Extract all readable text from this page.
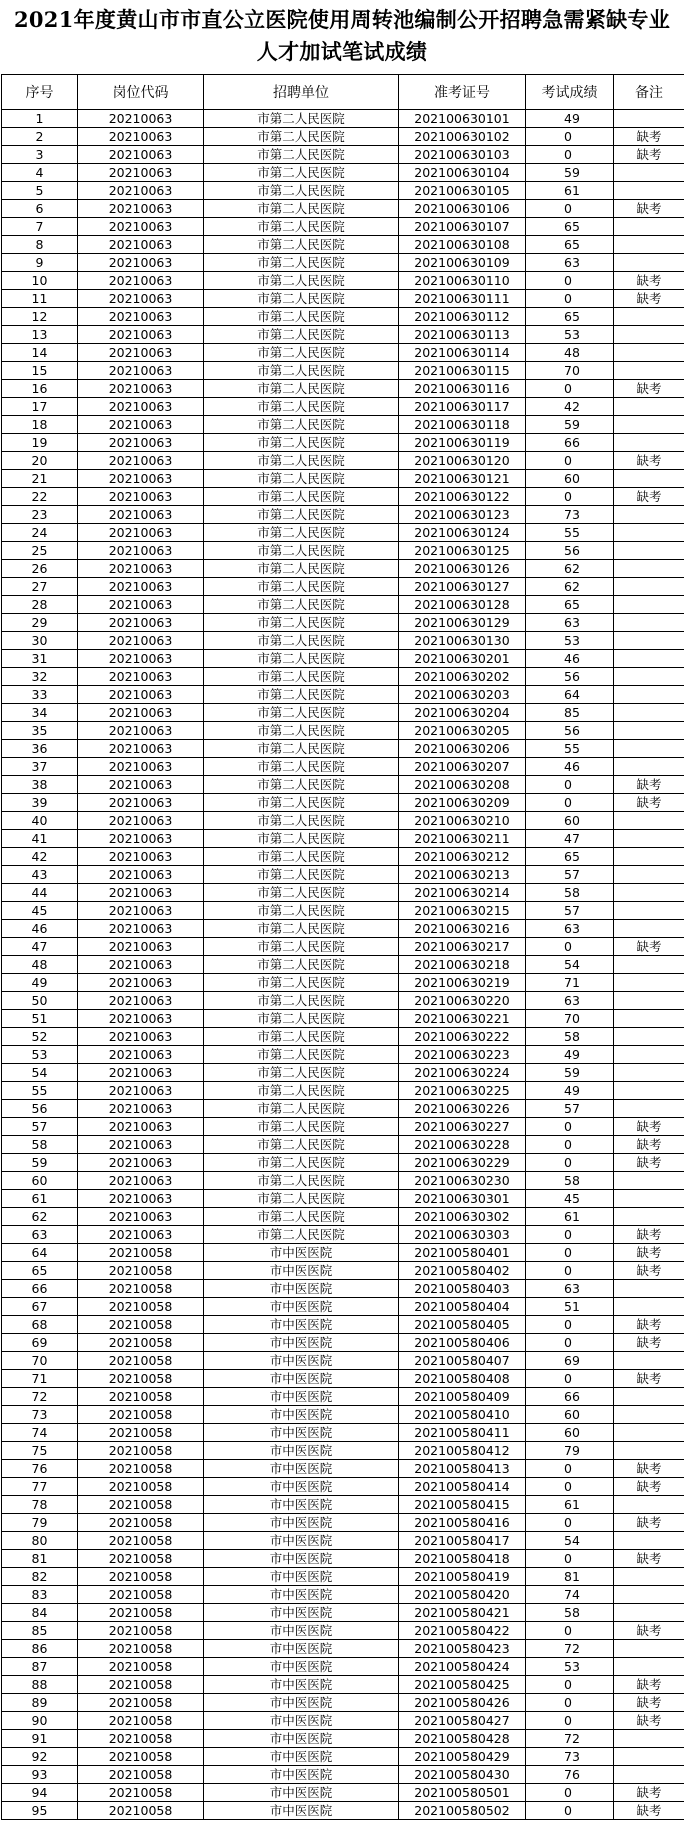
2021年度黄山市市直公立医院使用周转池编制公开招聘急需紧缺专业
人才加试笔试成绩
序号	岗位代码	招聘单位	准考证号	考试成绩	备注
1	20210063	市第二人民医院	202100630101	49	
2	20210063	市第二人民医院	202100630102	0	缺考
3	20210063	市第二人民医院	202100630103	0	缺考
4	20210063	市第二人民医院	202100630104	59	
5	20210063	市第二人民医院	202100630105	61	
6	20210063	市第二人民医院	202100630106	0	缺考
7	20210063	市第二人民医院	202100630107	65	
8	20210063	市第二人民医院	202100630108	65	
9	20210063	市第二人民医院	202100630109	63	
10	20210063	市第二人民医院	202100630110	0	缺考
11	20210063	市第二人民医院	202100630111	0	缺考
12	20210063	市第二人民医院	202100630112	65	
13	20210063	市第二人民医院	202100630113	53	
14	20210063	市第二人民医院	202100630114	48	
15	20210063	市第二人民医院	202100630115	70	
16	20210063	市第二人民医院	202100630116	0	缺考
17	20210063	市第二人民医院	202100630117	42	
18	20210063	市第二人民医院	202100630118	59	
19	20210063	市第二人民医院	202100630119	66	
20	20210063	市第二人民医院	202100630120	0	缺考
21	20210063	市第二人民医院	202100630121	60	
22	20210063	市第二人民医院	202100630122	0	缺考
23	20210063	市第二人民医院	202100630123	73	
24	20210063	市第二人民医院	202100630124	55	
25	20210063	市第二人民医院	202100630125	56	
26	20210063	市第二人民医院	202100630126	62	
27	20210063	市第二人民医院	202100630127	62	
28	20210063	市第二人民医院	202100630128	65	
29	20210063	市第二人民医院	202100630129	63	
30	20210063	市第二人民医院	202100630130	53	
31	20210063	市第二人民医院	202100630201	46	
32	20210063	市第二人民医院	202100630202	56	
33	20210063	市第二人民医院	202100630203	64	
34	20210063	市第二人民医院	202100630204	85	
35	20210063	市第二人民医院	202100630205	56	
36	20210063	市第二人民医院	202100630206	55	
37	20210063	市第二人民医院	202100630207	46	
38	20210063	市第二人民医院	202100630208	0	缺考
39	20210063	市第二人民医院	202100630209	0	缺考
40	20210063	市第二人民医院	202100630210	60	
41	20210063	市第二人民医院	202100630211	47	
42	20210063	市第二人民医院	202100630212	65	
43	20210063	市第二人民医院	202100630213	57	
44	20210063	市第二人民医院	202100630214	58	
45	20210063	市第二人民医院	202100630215	57	
46	20210063	市第二人民医院	202100630216	63	
47	20210063	市第二人民医院	202100630217	0	缺考
48	20210063	市第二人民医院	202100630218	54	
49	20210063	市第二人民医院	202100630219	71	
50	20210063	市第二人民医院	202100630220	63	
51	20210063	市第二人民医院	202100630221	70	
52	20210063	市第二人民医院	202100630222	58	
53	20210063	市第二人民医院	202100630223	49	
54	20210063	市第二人民医院	202100630224	59	
55	20210063	市第二人民医院	202100630225	49	
56	20210063	市第二人民医院	202100630226	57	
57	20210063	市第二人民医院	202100630227	0	缺考
58	20210063	市第二人民医院	202100630228	0	缺考
59	20210063	市第二人民医院	202100630229	0	缺考
60	20210063	市第二人民医院	202100630230	58	
61	20210063	市第二人民医院	202100630301	45	
62	20210063	市第二人民医院	202100630302	61	
63	20210063	市第二人民医院	202100630303	0	缺考
64	20210058	市中医医院	202100580401	0	缺考
65	20210058	市中医医院	202100580402	0	缺考
66	20210058	市中医医院	202100580403	63	
67	20210058	市中医医院	202100580404	51	
68	20210058	市中医医院	202100580405	0	缺考
69	20210058	市中医医院	202100580406	0	缺考
70	20210058	市中医医院	202100580407	69	
71	20210058	市中医医院	202100580408	0	缺考
72	20210058	市中医医院	202100580409	66	
73	20210058	市中医医院	202100580410	60	
74	20210058	市中医医院	202100580411	60	
75	20210058	市中医医院	202100580412	79	
76	20210058	市中医医院	202100580413	0	缺考
77	20210058	市中医医院	202100580414	0	缺考
78	20210058	市中医医院	202100580415	61	
79	20210058	市中医医院	202100580416	0	缺考
80	20210058	市中医医院	202100580417	54	
81	20210058	市中医医院	202100580418	0	缺考
82	20210058	市中医医院	202100580419	81	
83	20210058	市中医医院	202100580420	74	
84	20210058	市中医医院	202100580421	58	
85	20210058	市中医医院	202100580422	0	缺考
86	20210058	市中医医院	202100580423	72	
87	20210058	市中医医院	202100580424	53	
88	20210058	市中医医院	202100580425	0	缺考
89	20210058	市中医医院	202100580426	0	缺考
90	20210058	市中医医院	202100580427	0	缺考
91	20210058	市中医医院	202100580428	72	
92	20210058	市中医医院	202100580429	73	
93	20210058	市中医医院	202100580430	76	
94	20210058	市中医医院	202100580501	0	缺考
95	20210058	市中医医院	202100580502	0	缺考
